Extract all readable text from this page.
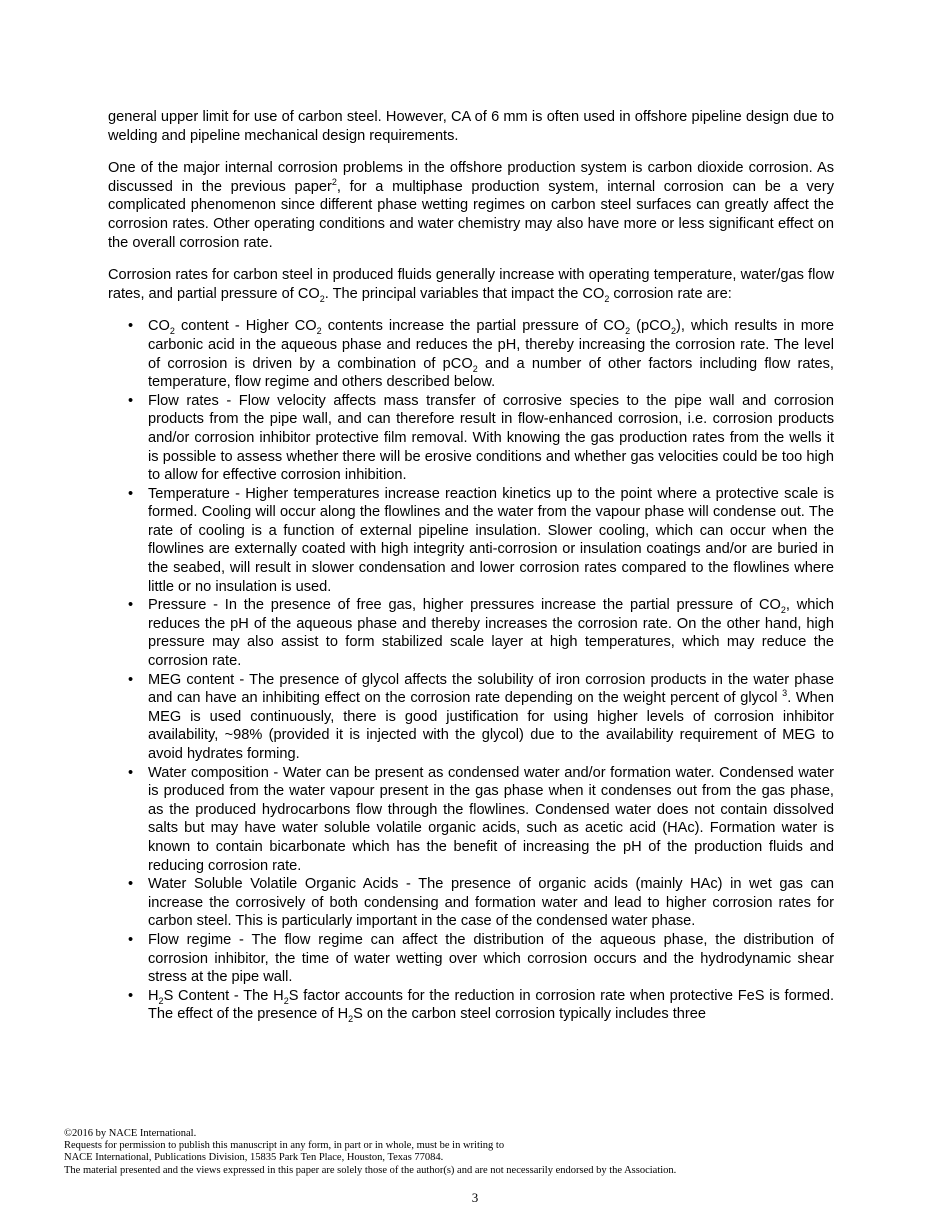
general upper limit for use of carbon steel. However, CA of 6 mm is often used in offshore pipeline design due to welding and pipeline mechanical design requirements.

One of the major internal corrosion problems in the offshore production system is carbon dioxide corrosion. As discussed in the previous paper$^2$, for a multiphase production system, internal corrosion can be a very complicated phenomenon since different phase wetting regimes on carbon steel surfaces can greatly affect the corrosion rates. Other operating conditions and water chemistry may also have more or less significant effect on the overall corrosion rate.

Corrosion rates for carbon steel in produced fluids generally increase with operating temperature, water/gas flow rates, and partial pressure of $CO_2$. The principal variables that impact the $CO_2$ corrosion rate are:

• $CO_2$ content - Higher $CO_2$ contents increase the partial pressure of $CO_2$ (pCO$_2$), which results in more carbonic acid in the aqueous phase and reduces the pH, thereby increasing the corrosion rate. The level of corrosion is driven by a combination of pCO$_2$ and a number of other factors including flow rates, temperature, flow regime and others described below.
• Flow rates - Flow velocity affects mass transfer of corrosive species to the pipe wall and corrosion products from the pipe wall, and can therefore result in flow-enhanced corrosion, i.e. corrosion products and/or corrosion inhibitor protective film removal. With knowing the gas production rates from the wells it is possible to assess whether there will be erosive conditions and whether gas velocities could be too high to allow for effective corrosion inhibition.
• Temperature - Higher temperatures increase reaction kinetics up to the point where a protective scale is formed. Cooling will occur along the flowlines and the water from the vapour phase will condense out. The rate of cooling is a function of external pipeline insulation. Slower cooling, which can occur when the flowlines are externally coated with high integrity anti-corrosion or insulation coatings and/or are buried in the seabed, will result in slower condensation and lower corrosion rates compared to the flowlines where little or no insulation is used.
• Pressure - In the presence of free gas, higher pressures increase the partial pressure of $CO_2$, which reduces the pH of the aqueous phase and thereby increases the corrosion rate. On the other hand, high pressure may also assist to form stabilized scale layer at high temperatures, which may reduce the corrosion rate.
• MEG content - The presence of glycol affects the solubility of iron corrosion products in the water phase and can have an inhibiting effect on the corrosion rate depending on the weight percent of glycol $^3$. When MEG is used continuously, there is good justification for using higher levels of corrosion inhibitor availability, ~98% (provided it is injected with the glycol) due to the availability requirement of MEG to avoid hydrates forming.
• Water composition - Water can be present as condensed water and/or formation water. Condensed water is produced from the water vapour present in the gas phase when it condenses out from the gas phase, as the produced hydrocarbons flow through the flowlines. Condensed water does not contain dissolved salts but may have water soluble volatile organic acids, such as acetic acid (HAc). Formation water is known to contain bicarbonate which has the benefit of increasing the pH of the production fluids and reducing corrosion rate.
• Water Soluble Volatile Organic Acids - The presence of organic acids (mainly HAc) in wet gas can increase the corrosively of both condensing and formation water and lead to higher corrosion rates for carbon steel. This is particularly important in the case of the condensed water phase.
• Flow regime - The flow regime can affect the distribution of the aqueous phase, the distribution of corrosion inhibitor, the time of water wetting over which corrosion occurs and the hydrodynamic shear stress at the pipe wall.
• $H_2S$ Content - The $H_2S$ factor accounts for the reduction in corrosion rate when protective FeS is formed. The effect of the presence of $H_2S$ on the carbon steel corrosion typically includes three
©2016 by NACE International.
Requests for permission to publish this manuscript in any form, in part or in whole, must be in writing to
NACE International, Publications Division, 15835 Park Ten Place, Houston, Texas 77084.
The material presented and the views expressed in this paper are solely those of the author(s) and are not necessarily endorsed by the Association.
3
